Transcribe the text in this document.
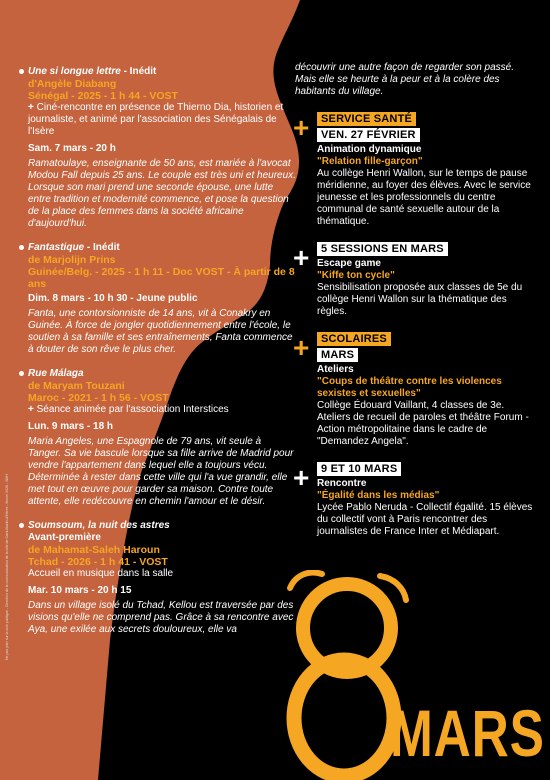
Une si longue lettre - Inédit
d'Angèle Diabang
Sénégal - 2025 - 1 h 44 - VOST
+ Ciné-rencontre en présence de Thierno Dia, historien et journaliste, et animé par l'association des Sénégalais de l'Isère
Sam. 7 mars - 20 h
Ramatoulaye, enseignante de 50 ans, est mariée à l'avocat Modou Fall depuis 25 ans. Le couple est très uni et heureux. Lorsque son mari prend une seconde épouse, une lutte entre tradition et modernité commence, et pose la question de la place des femmes dans la société africaine d'aujourd'hui.
Fantastique - Inédit
de Marjolijn Prins
Guinée/Belg. - 2025 - 1 h 11 - Doc VOST - À partir de 8 ans
Dim. 8 mars - 10 h 30 - Jeune public
Fanta, une contorsionniste de 14 ans, vit à Conakry en Guinée. À force de jongler quotidiennement entre l'école, le soutien à sa famille et ses entraînements, Fanta commence à douter de son rêve le plus cher.
Rue Málaga
de Maryam Touzani
Maroc - 2021 - 1 h 56 - VOST
+ Séance animée par l'association Interstices
Lun. 9 mars - 18 h
Maria Angeles, une Espagnole de 79 ans, vit seule à Tanger. Sa vie bascule lorsque sa fille arrive de Madrid pour vendre l'appartement dans lequel elle a toujours vécu. Déterminée à rester dans cette ville qui l'a vue grandir, elle met tout en œuvre pour garder sa maison. Contre toute attente, elle redécouvre en chemin l'amour et le désir.
Soumsoum, la nuit des astres
Avant-première
de Mahamat-Saleh Haroun
Tchad - 2026 - 1 h 41 - VOST
Accueil en musique dans la salle
Mar. 10 mars - 20 h 15
Dans un village isolé du Tchad, Kellou est traversée par des visions qu'elle ne comprend pas. Grâce à sa rencontre avec Aya, une exilée aux secrets douloureux, elle va
découvrir une autre façon de regarder son passé. Mais elle se heurte à la peur et à la colère des habitants du village.
+	SERVICE SANTÉ
VEN. 27 FÉVRIER
Animation dynamique
"Relation fille-garçon"
Au collège Henri Wallon, sur le temps de pause méridienne, au foyer des élèves. Avec le service jeunesse et les professionnels du centre communal de santé sexuelle autour de la thématique.
+	5 SESSIONS EN MARS
Escape game
"Kiffe ton cycle"
Sensibilisation proposée aux classes de 5e du collège Henri Wallon sur la thématique des règles.
+	SCOLAIRES
MARS
Ateliers
"Coups de théâtre contre les violences sexistes et sexuelles"
Collège Édouard Vaillant, 4 classes de 3e. Ateliers de recueil de paroles et théâtre Forum - Action métropolitaine dans le cadre de "Demandez Angela".
+	9 ET 10 MARS
Rencontre
"Égalité dans les médias"
Lycée Pablo Neruda - Collectif égalité. 15 élèves du collectif vont à Paris rencontrer des journalistes de France Inter et Médiapart.
MARS
